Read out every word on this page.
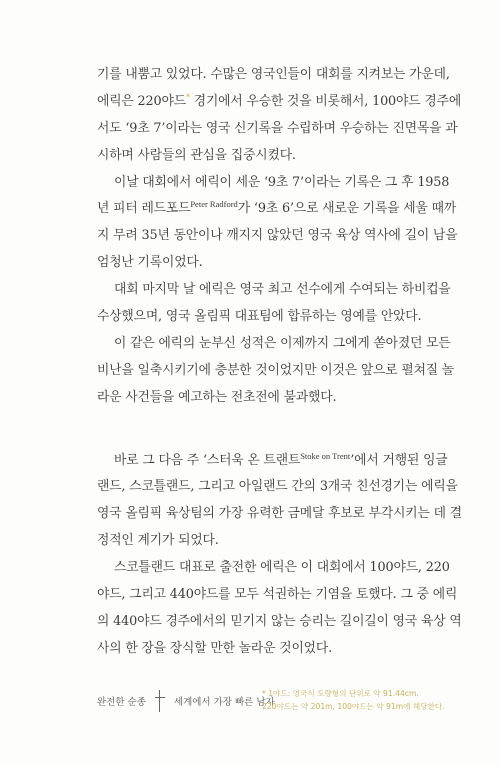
기를 내뿜고 있었다. 수많은 영국인들이 대회를 지켜보는 가운데,
에릭은 220야드* 경기에서 우승한 것을 비롯해서, 100야드 경주에
서도 ‘9초 7’이라는 영국 신기록을 수립하며 우승하는 진면목을 과
시하며 사람들의 관심을 집중시켰다.
이날 대회에서 에릭이 세운 ‘9초 7’이라는 기록은 그 후 1958
년 피터 레드포드$^{Peter Radford}$가 ‘9초 6’으로 새로운 기록을 세울 때까
지 무려 35년 동안이나 깨지지 않았던 영국 육상 역사에 길이 남을
엄청난 기록이었다.
대회 마지막 날 에릭은 영국 최고 선수에게 수여되는 하비컵을
수상했으며, 영국 올림픽 대표팀에 합류하는 영예를 안았다.
이 같은 에릭의 눈부신 성적은 이제까지 그에게 쏟아졌던 모든
비난을 일축시키기에 충분한 것이었지만 이것은 앞으로 펼쳐질 놀
라운 사건들을 예고하는 전초전에 불과했다.
바로 그 다음 주 ‘스터욱 온 트랜트$^{Stoke on Trent}$’에서 거행된 잉글
랜드, 스코틀랜드, 그리고 아일랜드 간의 3개국 친선경기는 에릭을
영국 올림픽 육상팀의 가장 유력한 금메달 후보로 부각시키는 데 결
정적인 계기가 되었다.
스코틀랜드 대표로 출전한 에릭은 이 대회에서 100야드, 220
야드, 그리고 440야드를 모두 석권하는 기염을 토했다. 그 중 에릭
의 440야드 경주에서의 믿기지 않는 승리는 길이길이 영국 육상 역
사의 한 장을 장식할 만한 놀라운 것이었다.
완전한 순종	세계에서 가장 빠른 남자
* 1야드: 영국식 도량형의 단위로 약 91.44cm.
220야드는 약 201m, 100야드는 약 91m에 해당한다.
